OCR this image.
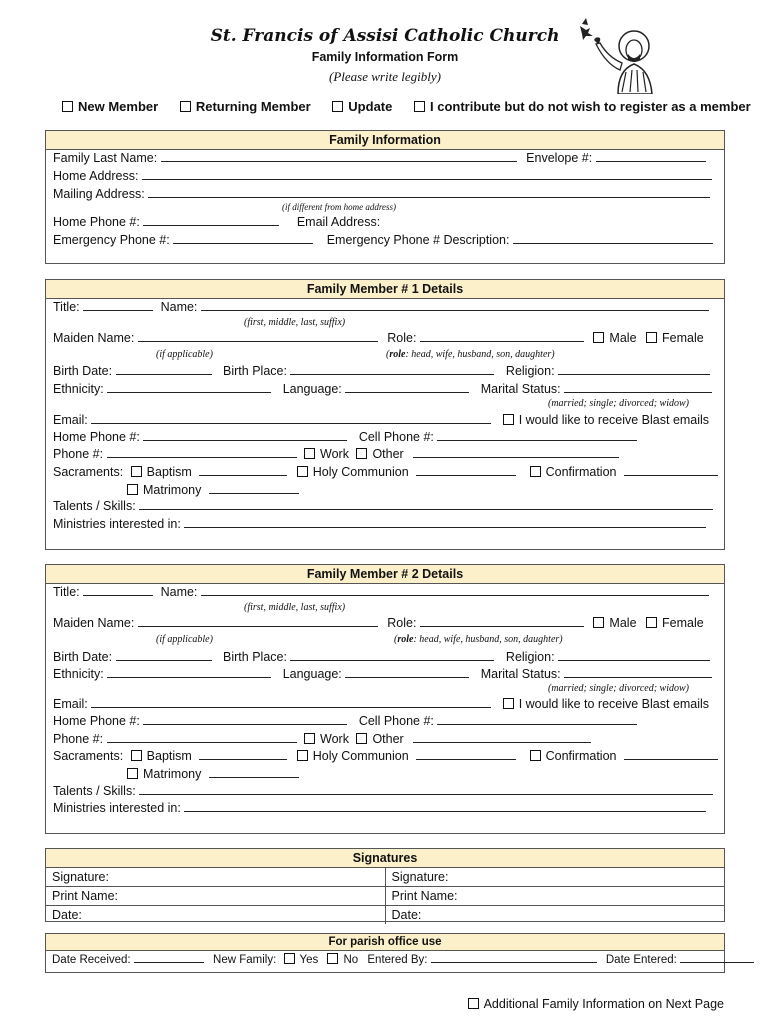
St. Francis of Assisi Catholic Church
Family Information Form
(Please write legibly)
New Member	Returning Member	Update	I contribute but do not wish to register as a member
Family Information
Family Last Name:	Envelope #:
Home Address:
Mailing Address:
(if different from home address)
Home Phone #:	Email Address:
Emergency Phone #:	Emergency Phone # Description:
Family Member # 1 Details
Title:	Name:
(first, middle, last, suffix)
Maiden Name:	Role:	Male Female
(if applicable)	(role: head, wife, husband, son, daughter)
Birth Date:	Birth Place:	Religion:
Ethnicity:	Language:	Marital Status:
(married; single; divorced; widow)
Email:	I would like to receive Blast emails
Home Phone #:	Cell Phone #:
Phone #:	Work Other
Sacraments: Baptism	Holy Communion	Confirmation
Matrimony
Talents / Skills:
Ministries interested in:
Family Member # 2 Details
Title:	Name:
(first, middle, last, suffix)
Maiden Name:	Role:	Male Female
(if applicable)	(role: head, wife, husband, son, daughter)
Birth Date:	Birth Place:	Religion:
Ethnicity:	Language:	Marital Status:
(married; single; divorced; widow)
Email:	I would like to receive Blast emails
Home Phone #:	Cell Phone #:
Phone #:	Work Other
Sacraments: Baptism	Holy Communion	Confirmation
Matrimony
Talents / Skills:
Ministries interested in:
Signatures
Signature:	Signature:
Print Name:	Print Name:
Date:	Date:
For parish office use
Date Received:	New Family: Yes No Entered By:	Date Entered:
Additional Family Information on Next Page
